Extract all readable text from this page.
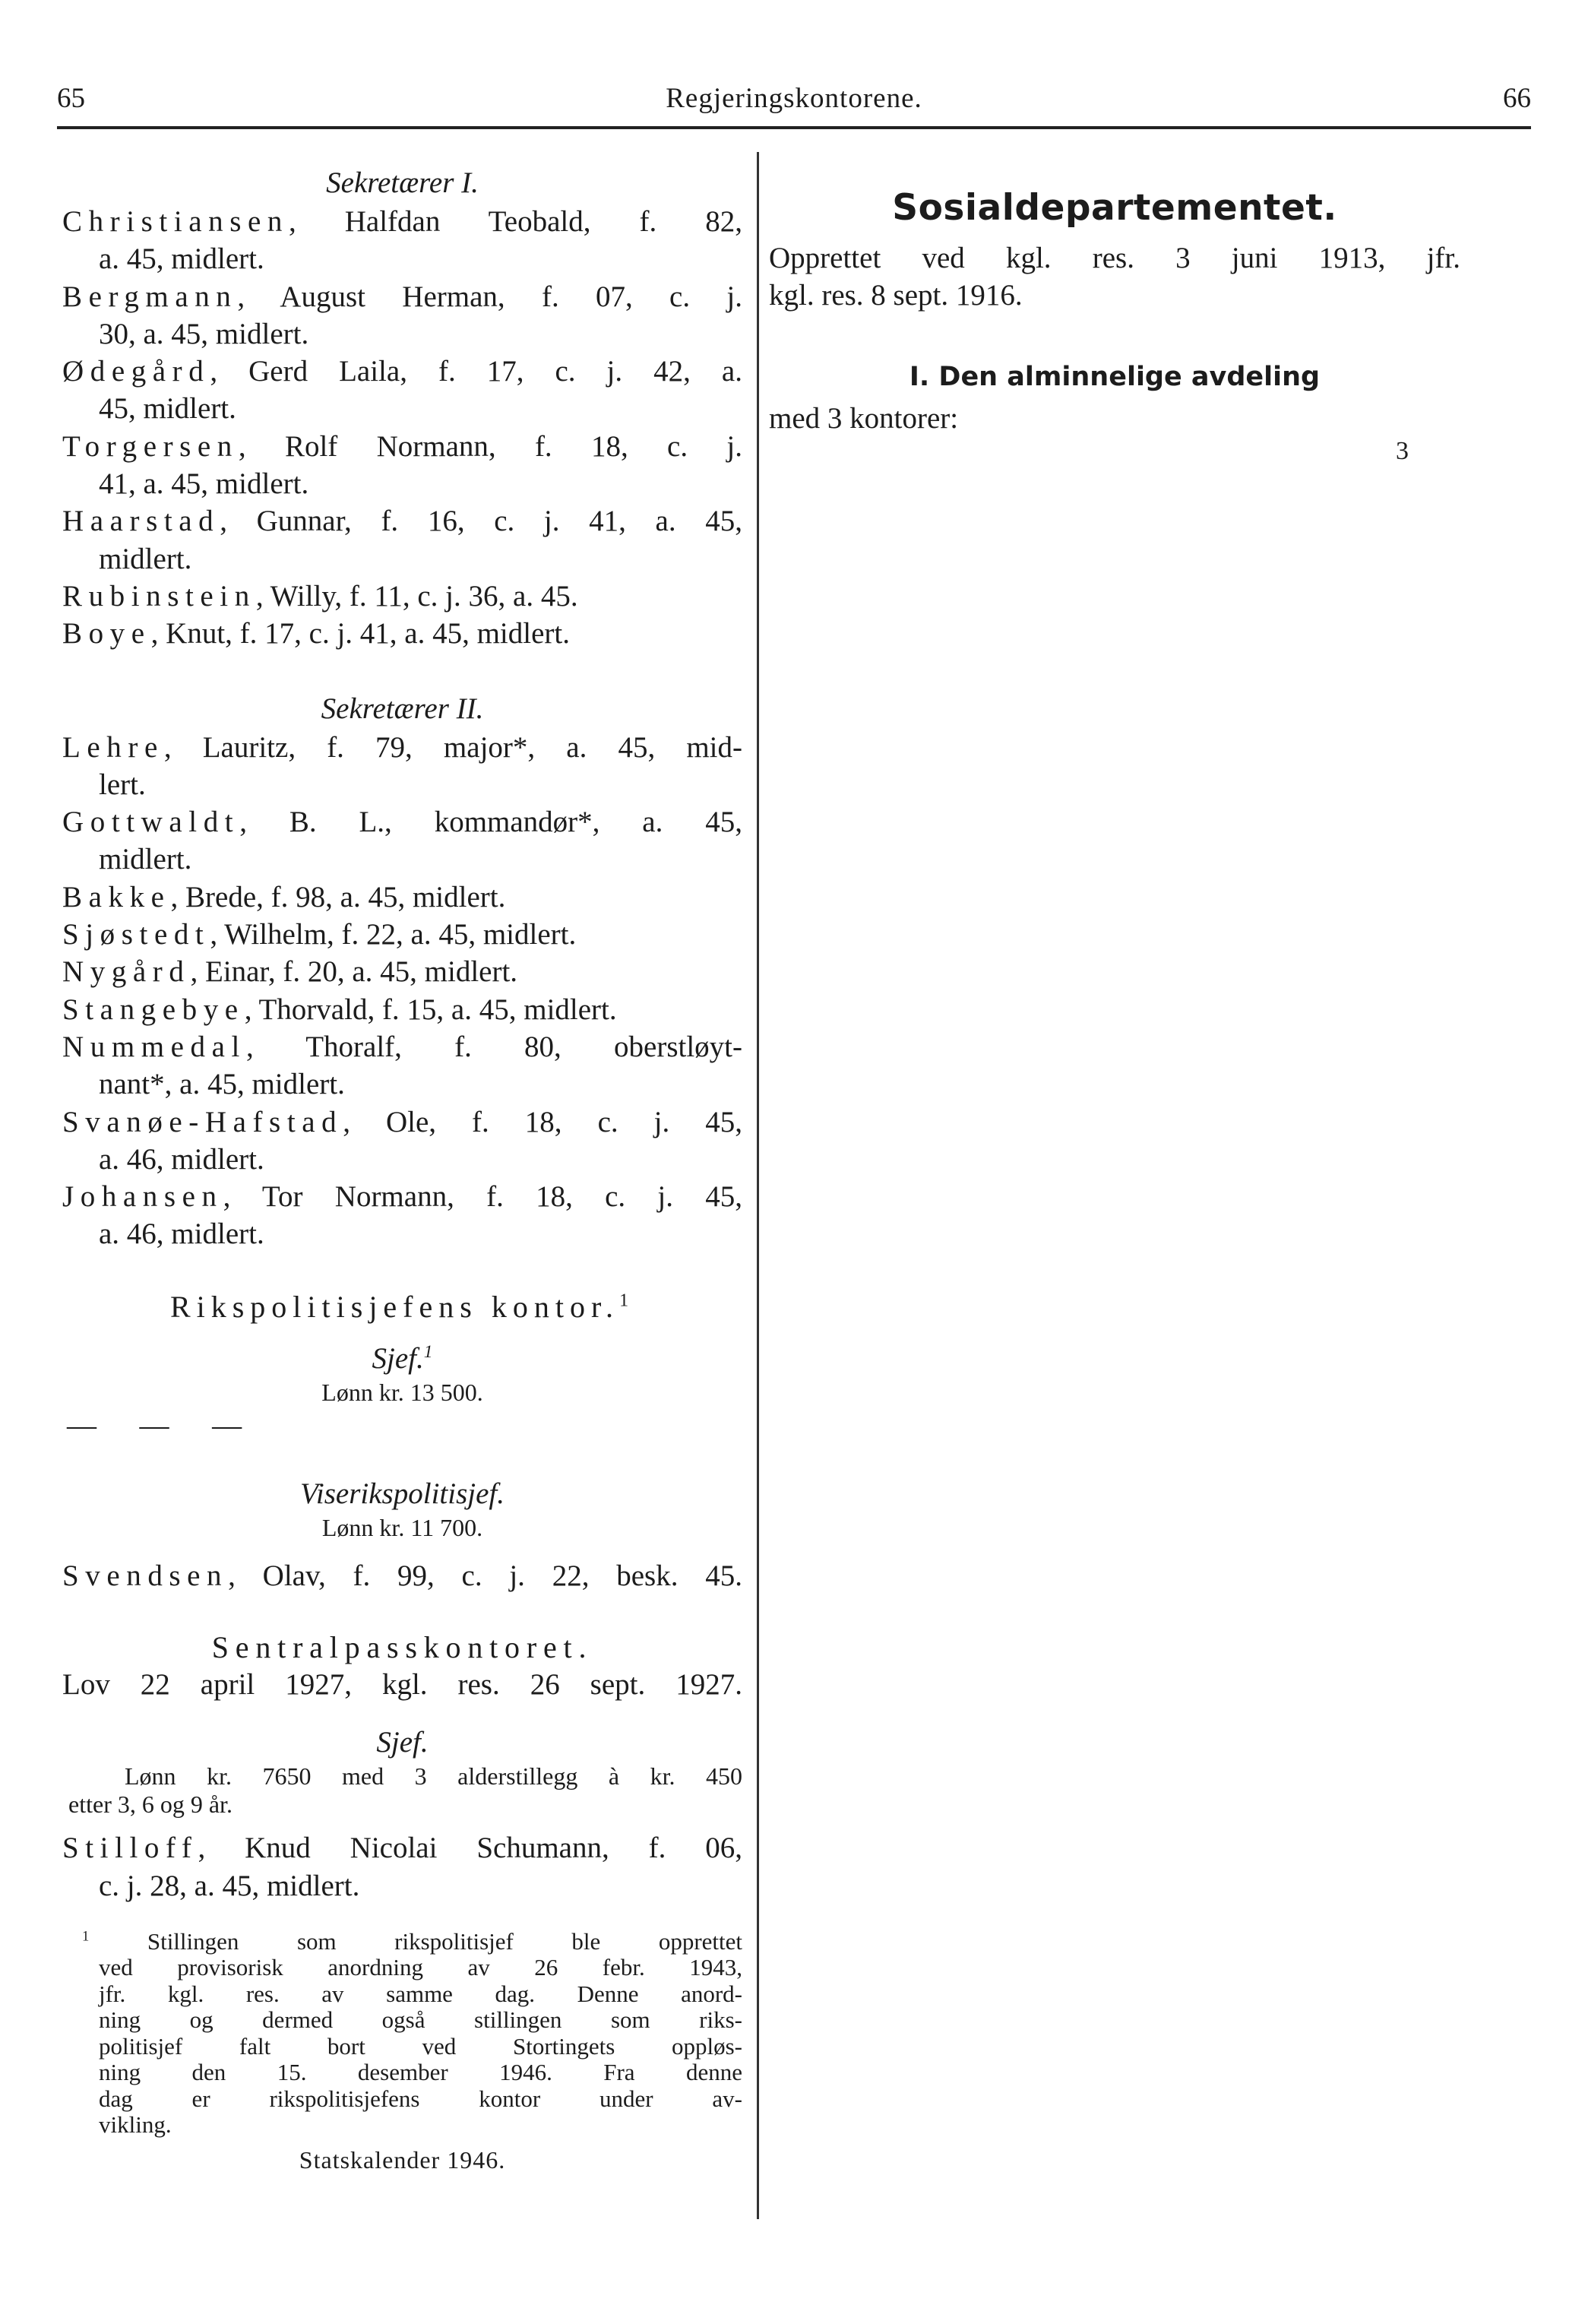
65	Regjeringskontorene.	66
Sekretærer I.
Christiansen, Halfdan Teobald, f. 82,
a. 45, midlert.
Bergmann, August Herman, f. 07, c. j.
30, a. 45, midlert.
Ødegård, Gerd Laila, f. 17, c. j. 42, a.
45, midlert.
Torgersen, Rolf Normann, f. 18, c. j.
41, a. 45, midlert.
Haarstad, Gunnar, f. 16, c. j. 41, a. 45,
midlert.
Rubinstein, Willy, f. 11, c. j. 36, a. 45.
Boye, Knut, f. 17, c. j. 41, a. 45, midlert.
Sekretærer II.
Lehre, Lauritz, f. 79, major*, a. 45, mid-
lert.
Gottwaldt, B. L., kommandør*, a. 45,
midlert.
Bakke, Brede, f. 98, a. 45, midlert.
Sjøstedt, Wilhelm, f. 22, a. 45, midlert.
Nygård, Einar, f. 20, a. 45, midlert.
Stangebye, Thorvald, f. 15, a. 45, midlert.
Nummedal, Thoralf, f. 80, oberstløyt-
nant*, a. 45, midlert.
Svanøe-Hafstad, Ole, f. 18, c. j. 45,
a. 46, midlert.
Johansen, Tor Normann, f. 18, c. j. 45,
a. 46, midlert.
Rikspolitisjefens kontor.$^1$
Sjef.$^1$
Lønn kr. 13 500.
— — —
Viserikspolitisjef.
Lønn kr. 11 700.
Svendsen, Olav, f. 99, c. j. 22, besk. 45.
Sentralpasskontoret.
Lov 22 april 1927, kgl. res. 26 sept. 1927.
Sjef.
Lønn kr. 7650 med 3 alderstillegg à kr. 450
etter 3, 6 og 9 år.
Stilloff, Knud Nicolai Schumann, f. 06,
c. j. 28, a. 45, midlert.
$^1$ Stillingen som rikspolitisjef ble opprettet
ved provisorisk anordning av 26 febr. 1943,
jfr. kgl. res. av samme dag. Denne anord-
ning og dermed også stillingen som riks-
politisjef falt bort ved Stortingets oppløs-
ning den 15. desember 1946. Fra denne
dag er rikspolitisjefens kontor under av-
vikling.
Statskalender 1946.
Sosialdepartementet.
Opprettet ved kgl. res. 3 juni 1913, jfr.
kgl. res. 8 sept. 1916.
I. Den alminnelige avdeling
med 3 kontorer:
3
